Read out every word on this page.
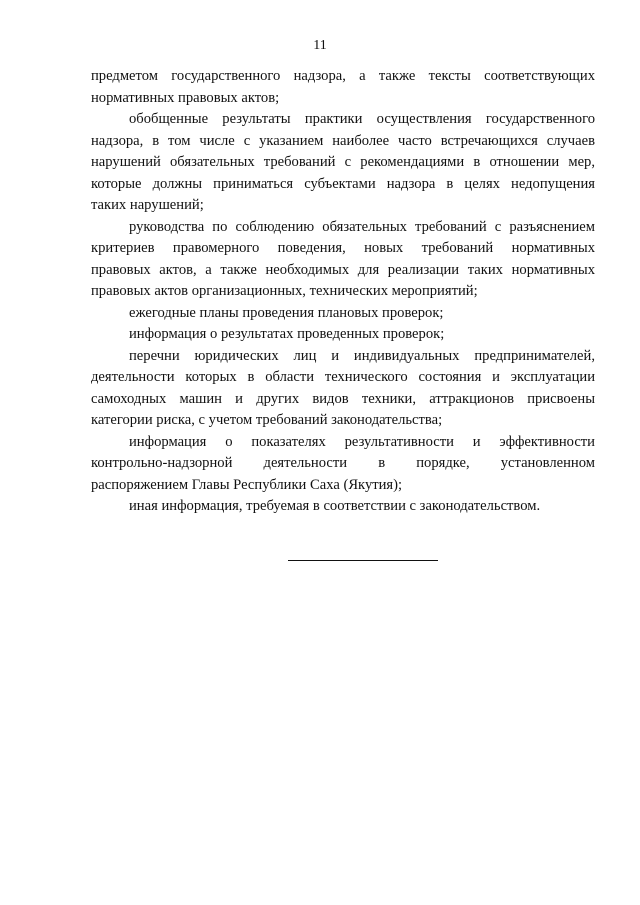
11
предметом государственного надзора, а также тексты соответствующих
нормативных правовых актов;
обобщенные результаты практики осуществления государственного
надзора, в том числе с указанием наиболее часто встречающихся случаев
нарушений обязательных требований с рекомендациями в отношении мер,
которые должны приниматься субъектами надзора в целях недопущения
таких нарушений;
руководства по соблюдению обязательных требований с разъяснением
критериев правомерного поведения, новых требований нормативных
правовых актов, а также необходимых для реализации таких нормативных
правовых актов организационных, технических мероприятий;
ежегодные планы проведения плановых проверок;
информация о результатах проведенных проверок;
перечни юридических лиц и индивидуальных предпринимателей,
деятельности которых в области технического состояния и эксплуатации
самоходных машин и других видов техники, аттракционов присвоены
категории риска, с учетом требований законодательства;
информация о показателях результативности и эффективности
контрольно-надзорной деятельности в порядке, установленном
распоряжением Главы Республики Саха (Якутия);
иная информация, требуемая в соответствии с законодательством.
